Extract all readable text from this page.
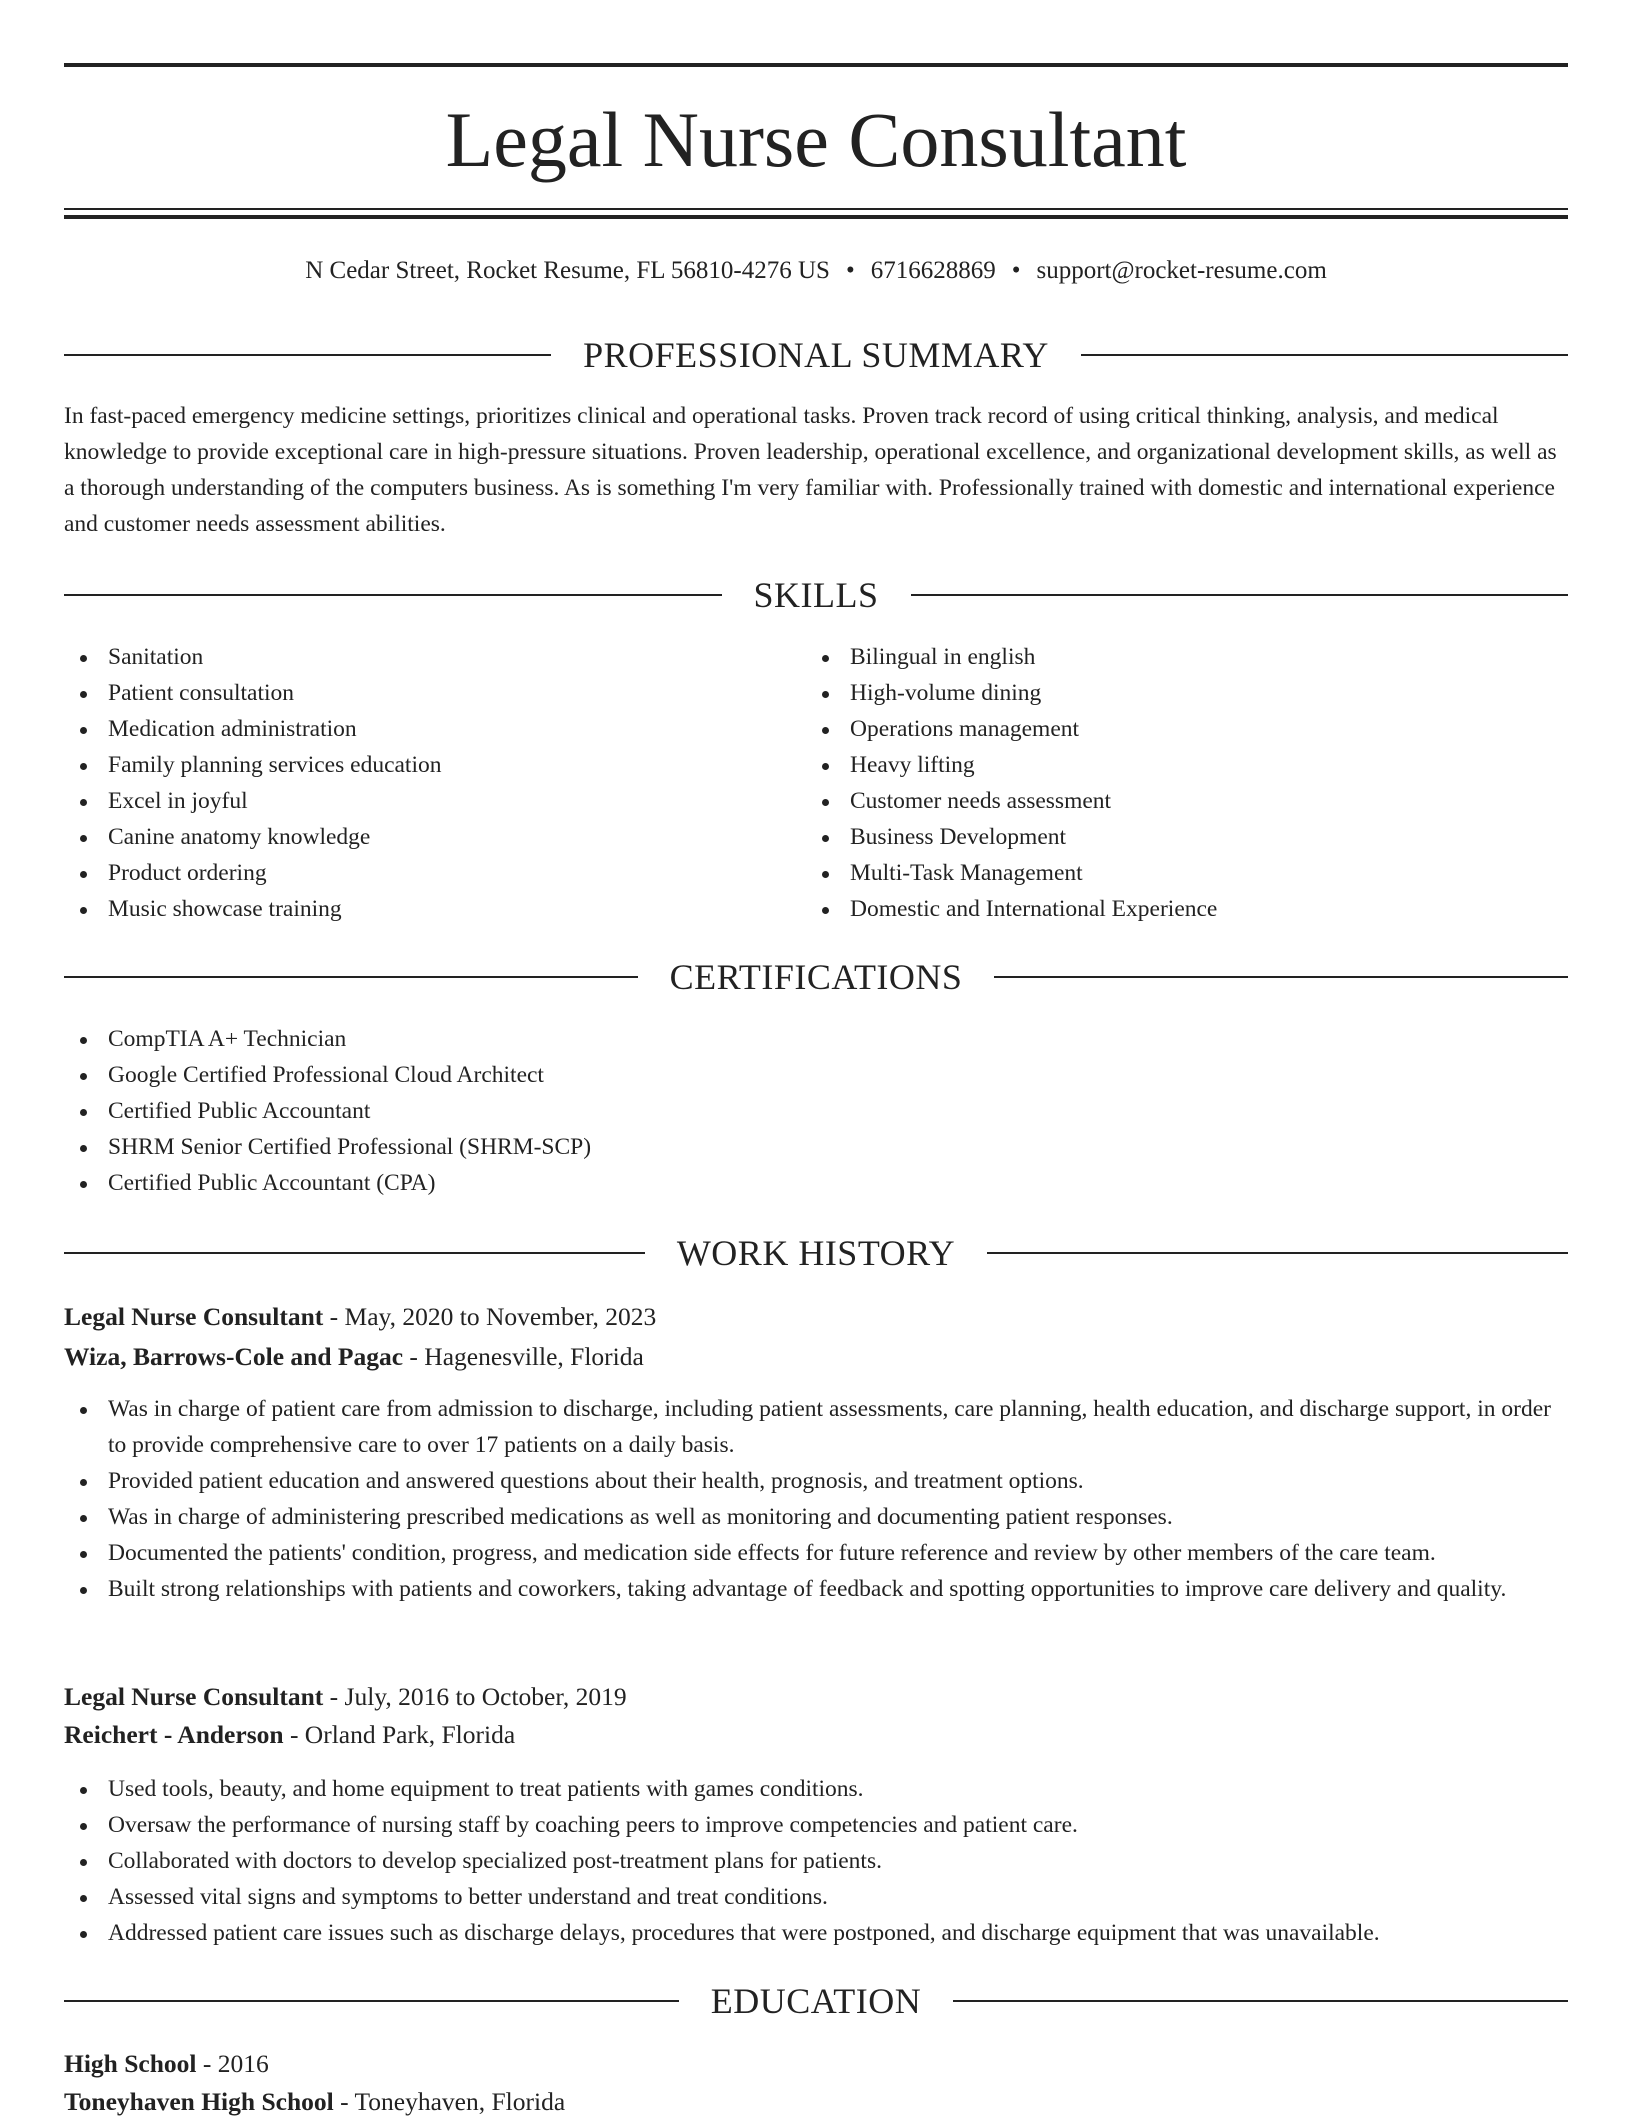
Legal Nurse Consultant
N Cedar Street, Rocket Resume, FL 56810-4276 US • 6716628869 • support@rocket-resume.com
PROFESSIONAL SUMMARY

In fast-paced emergency medicine settings, prioritizes clinical and operational tasks. Proven track record of using critical thinking, analysis, and medical knowledge to provide exceptional care in high-pressure situations. Proven leadership, operational excellence, and organizational development skills, as well as a thorough understanding of the computers business. As is something I'm very familiar with. Professionally trained with domestic and international experience and customer needs assessment abilities.

SKILLS
Sanitation
Patient consultation
Medication administration
Family planning services education
Excel in joyful
Canine anatomy knowledge
Product ordering
Music showcase training
Bilingual in english
High-volume dining
Operations management
Heavy lifting
Customer needs assessment
Business Development
Multi-Task Management
Domestic and International Experience
CERTIFICATIONS
CompTIA A+ Technician
Google Certified Professional Cloud Architect
Certified Public Accountant
SHRM Senior Certified Professional (SHRM-SCP)
Certified Public Accountant (CPA)
WORK HISTORY
Legal Nurse Consultant - May, 2020 to November, 2023
Wiza, Barrows-Cole and Pagac - Hagenesville, Florida
Was in charge of patient care from admission to discharge, including patient assessments, care planning, health education, and discharge support, in order to provide comprehensive care to over 17 patients on a daily basis.
Provided patient education and answered questions about their health, prognosis, and treatment options.
Was in charge of administering prescribed medications as well as monitoring and documenting patient responses.
Documented the patients' condition, progress, and medication side effects for future reference and review by other members of the care team.
Built strong relationships with patients and coworkers, taking advantage of feedback and spotting opportunities to improve care delivery and quality.
Legal Nurse Consultant - July, 2016 to October, 2019
Reichert - Anderson - Orland Park, Florida
Used tools, beauty, and home equipment to treat patients with games conditions.
Oversaw the performance of nursing staff by coaching peers to improve competencies and patient care.
Collaborated with doctors to develop specialized post-treatment plans for patients.
Assessed vital signs and symptoms to better understand and treat conditions.
Addressed patient care issues such as discharge delays, procedures that were postponed, and discharge equipment that was unavailable.
EDUCATION
High School - 2016
Toneyhaven High School - Toneyhaven, Florida
